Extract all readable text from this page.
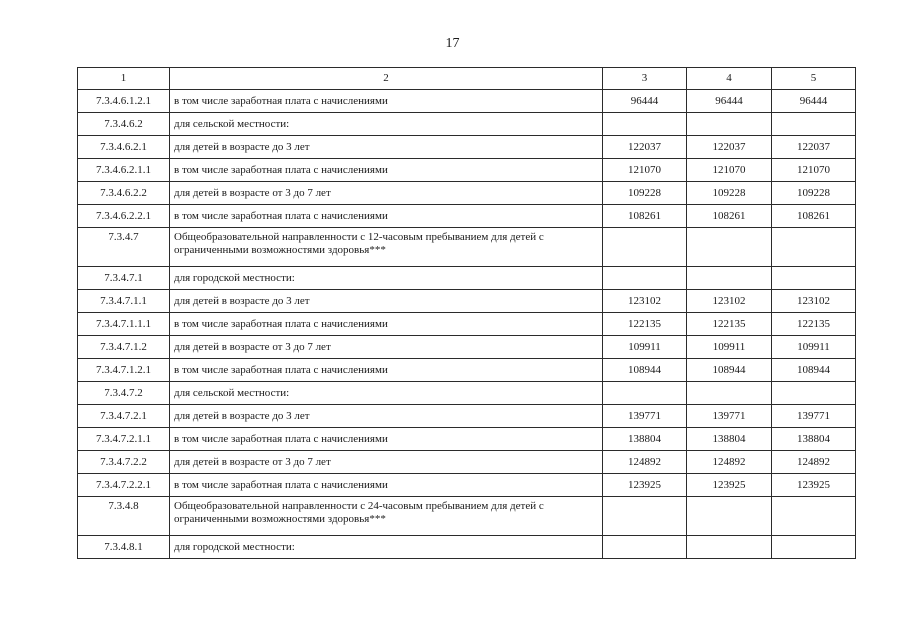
17
1	2	3	4	5
7.3.4.6.1.2.1	в том числе заработная плата с начислениями	96444	96444	96444
7.3.4.6.2	для сельской местности:			
7.3.4.6.2.1	для детей в возрасте до 3 лет	122037	122037	122037
7.3.4.6.2.1.1	в том числе заработная плата с начислениями	121070	121070	121070
7.3.4.6.2.2	для детей в возрасте от 3 до 7 лет	109228	109228	109228
7.3.4.6.2.2.1	в том числе заработная плата с начислениями	108261	108261	108261
7.3.4.7	Общеобразовательной направленности с 12-часовым пребыванием для детей с ограниченными возможностями здоровья***			
7.3.4.7.1	для городской местности:			
7.3.4.7.1.1	для детей в возрасте до 3 лет	123102	123102	123102
7.3.4.7.1.1.1	в том числе заработная плата с начислениями	122135	122135	122135
7.3.4.7.1.2	для детей в возрасте от 3 до 7 лет	109911	109911	109911
7.3.4.7.1.2.1	в том числе заработная плата с начислениями	108944	108944	108944
7.3.4.7.2	для сельской местности:			
7.3.4.7.2.1	для детей в возрасте до 3 лет	139771	139771	139771
7.3.4.7.2.1.1	в том числе заработная плата с начислениями	138804	138804	138804
7.3.4.7.2.2	для детей в возрасте от 3 до 7 лет	124892	124892	124892
7.3.4.7.2.2.1	в том числе заработная плата с начислениями	123925	123925	123925
7.3.4.8	Общеобразовательной направленности с 24-часовым пребыванием для детей с ограниченными возможностями здоровья***			
7.3.4.8.1	для городской местности:			
